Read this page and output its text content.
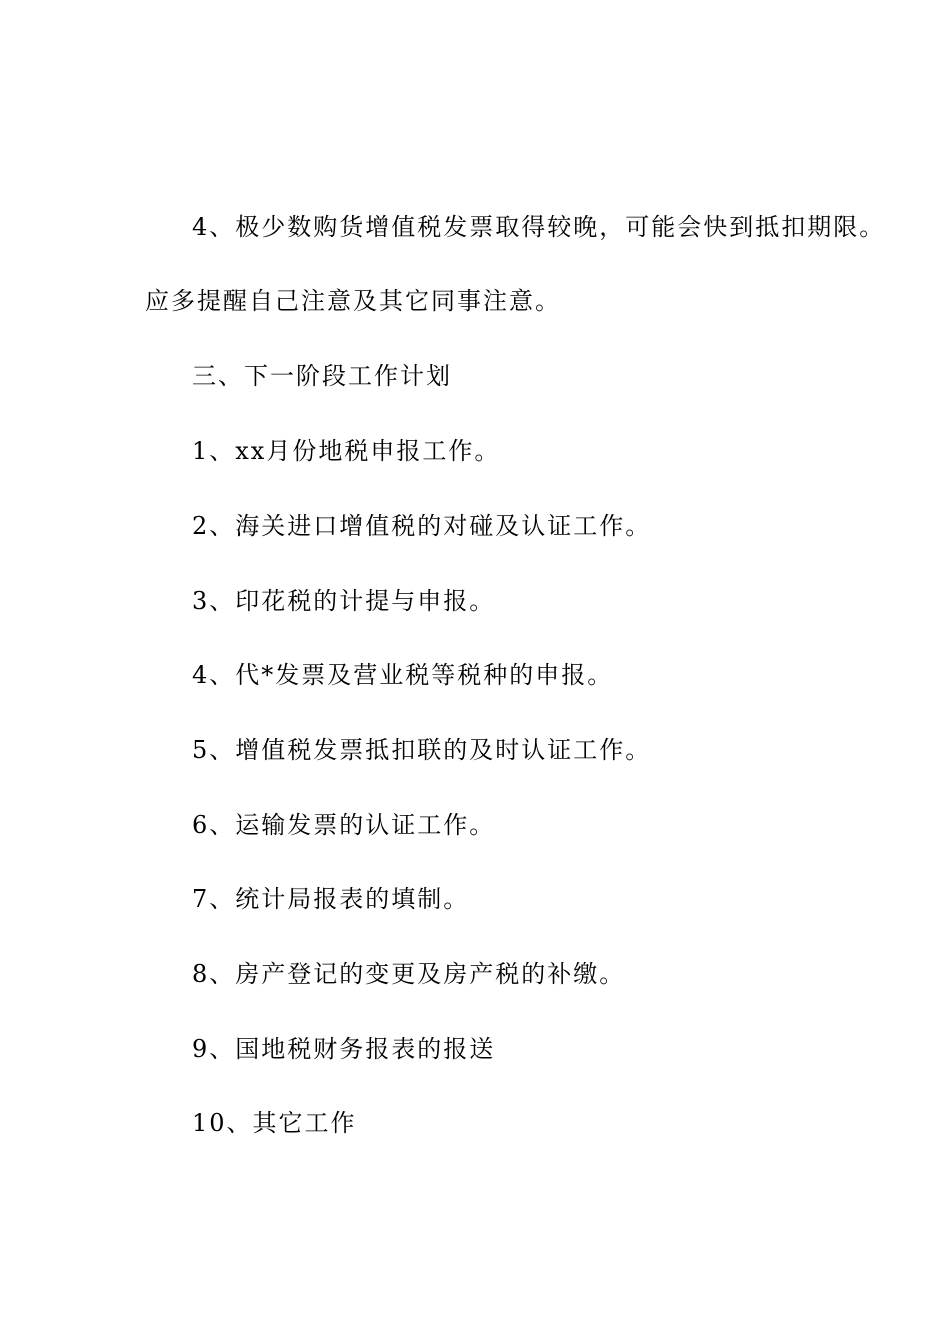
4、极少数购货增值税发票取得较晚，可能会快到抵扣期限。
应多提醒自己注意及其它同事注意。
三、下一阶段工作计划
1、xx月份地税申报工作。
2、海关进口增值税的对碰及认证工作。
3、印花税的计提与申报。
4、代*发票及营业税等税种的申报。
5、增值税发票抵扣联的及时认证工作。
6、运输发票的认证工作。
7、统计局报表的填制。
8、房产登记的变更及房产税的补缴。
9、国地税财务报表的报送
10、其它工作
